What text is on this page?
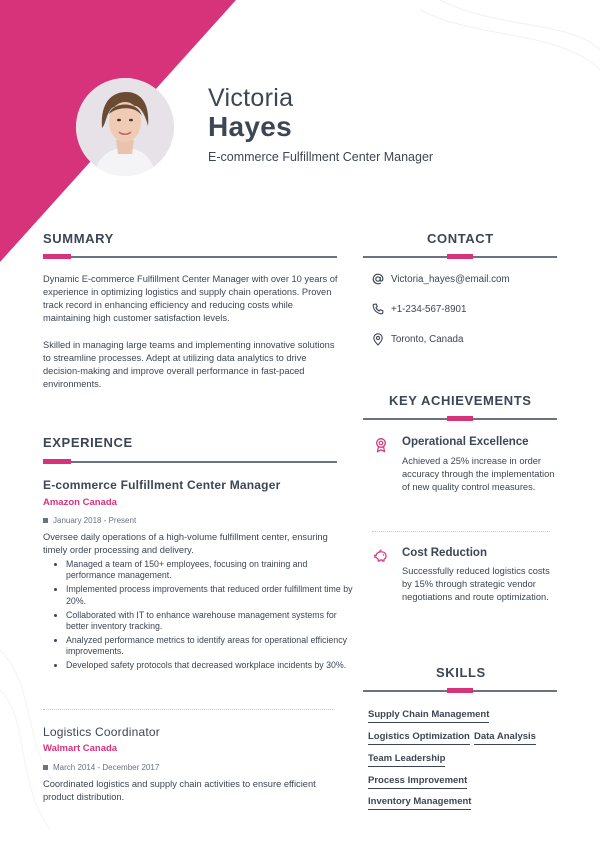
Victoria
Hayes
E-commerce Fulfillment Center Manager
SUMMARY

Dynamic E-commerce Fulfillment Center Manager with over 10 years of experience in optimizing logistics and supply chain operations. Proven track record in enhancing efficiency and reducing costs while maintaining high customer satisfaction levels.

Skilled in managing large teams and implementing innovative solutions to streamline processes. Adept at utilizing data analytics to drive decision-making and improve overall performance in fast-paced environments.

EXPERIENCE
E-commerce Fulfillment Center Manager
Amazon Canada
January 2018 - Present

Oversee daily operations of a high-volume fulfillment center, ensuring timely order processing and delivery.

• Managed a team of 150+ employees, focusing on training and performance management.
• Implemented process improvements that reduced order fulfillment time by 20%.
• Collaborated with IT to enhance warehouse management systems for better inventory tracking.
• Analyzed performance metrics to identify areas for operational efficiency improvements.
• Developed safety protocols that decreased workplace incidents by 30%.
Logistics Coordinator
Walmart Canada
March 2014 - December 2017

Coordinated logistics and supply chain activities to ensure efficient product distribution.

CONTACT
Victoria_hayes@email.com
+1-234-567-8901
Toronto, Canada
KEY ACHIEVEMENTS
Operational Excellence

Achieved a 25% increase in order accuracy through the implementation of new quality control measures.

Cost Reduction

Successfully reduced logistics costs by 15% through strategic vendor negotiations and route optimization.

SKILLS
Supply Chain Management
Logistics Optimization Data Analysis
Team Leadership
Process Improvement
Inventory Management
